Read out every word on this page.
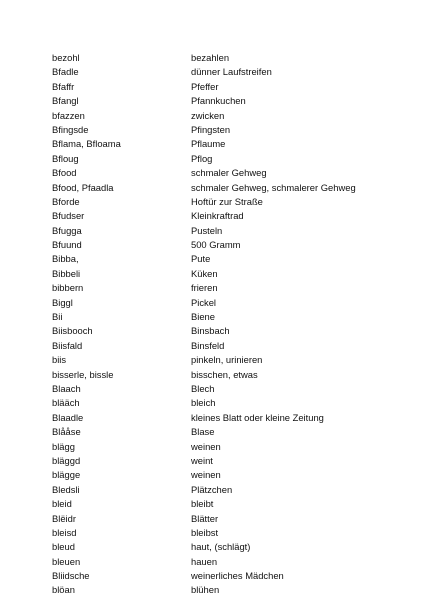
bezohl	bezahlen
Bfadle	dünner Laufstreifen
Bfaffr	Pfeffer
Bfangl	Pfannkuchen
bfazzen	zwicken
Bfingsde	Pfingsten
Bflama, Bfloama	Pflaume
Bfloug	Pflog
Bfood	schmaler Gehweg
Bfood, Pfaadla	schmaler Gehweg, schmalerer Gehweg
Bforde	Hoftür zur Straße
Bfudser	Kleinkraftrad
Bfugga	Pusteln
Bfuund	500 Gramm
Bibba,	Pute
Bibbeli	Küken
bibbern	frieren
Biggl	Pickel
Bii	Biene
Biisbooch	Binsbach
Biisfald	Binsfeld
biis	pinkeln, urinieren
bisserle, bissle	bisschen, etwas
Blaach	Blech
blääch	bleich
Blaadle	kleines Blatt oder kleine Zeitung
Blååse	Blase
blägg	weinen
bläggd	weint
blägge	weinen
Bledsli	Plätzchen
bleid	bleibt
Blëidr	Blätter
bleisd	bleibst
bleud	haut, (schlägt)
bleuen	hauen
Bliidsche	weinerliches Mädchen
blöan	blühen
